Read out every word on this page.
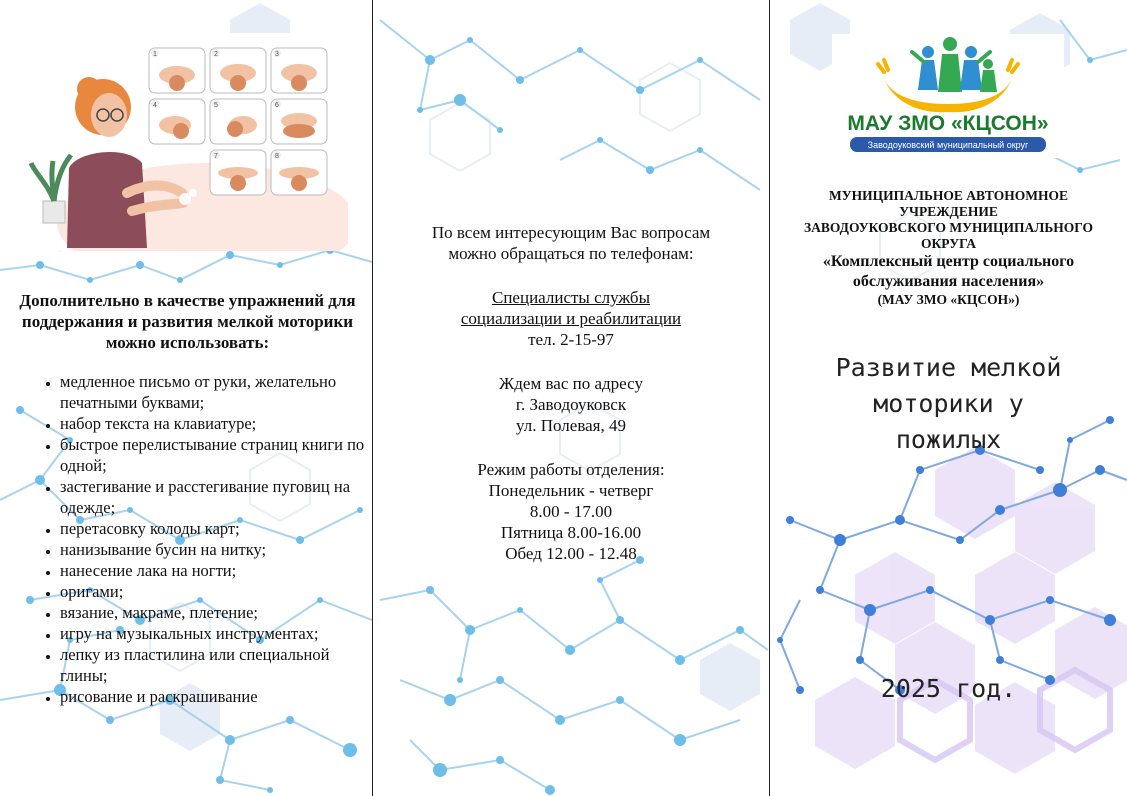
1	2	3
4	5	6
7	8
Дополнительно в качестве упражнений для поддержания и развития мелкой моторики можно использовать:
• медленное письмо от руки, желательно печатными буквами;
• набор текста на клавиатуре;
• быстрое перелистывание страниц книги по одной;
• застегивание и расстегивание пуговиц на одежде;
• перетасовку колоды карт;
• нанизывание бусин на нитку;
• нанесение лака на ногти;
• оригами;
• вязание, макраме, плетение;
• игру на музыкальных инструментах;
• лепку из пластилина или специальной глины;
• рисование и раскрашивание
По всем интересующим Вас вопросам
можно обращаться по телефонам:
Специалисты службы
социализации и реабилитации
тел. 2-15-97
Ждем вас по адресу
г. Заводоуковск
ул. Полевая, 49
Режим работы отделения:
Понедельник - четверг
8.00 - 17.00
Пятница 8.00-16.00
Обед 12.00 - 12.48
МАУ ЗМО «КЦСОН»
Заводоуковский муниципальный округ
МУНИЦИПАЛЬНОЕ АВТОНОМНОЕ
УЧРЕЖДЕНИЕ
ЗАВОДОУКОВСКОГО МУНИЦИПАЛЬНОГО
ОКРУГА
«Комплексный центр социального
обслуживания населения»
(МАУ ЗМО «КЦСОН»)
Развитие мелкой
моторики у
пожилых
2025 год.
